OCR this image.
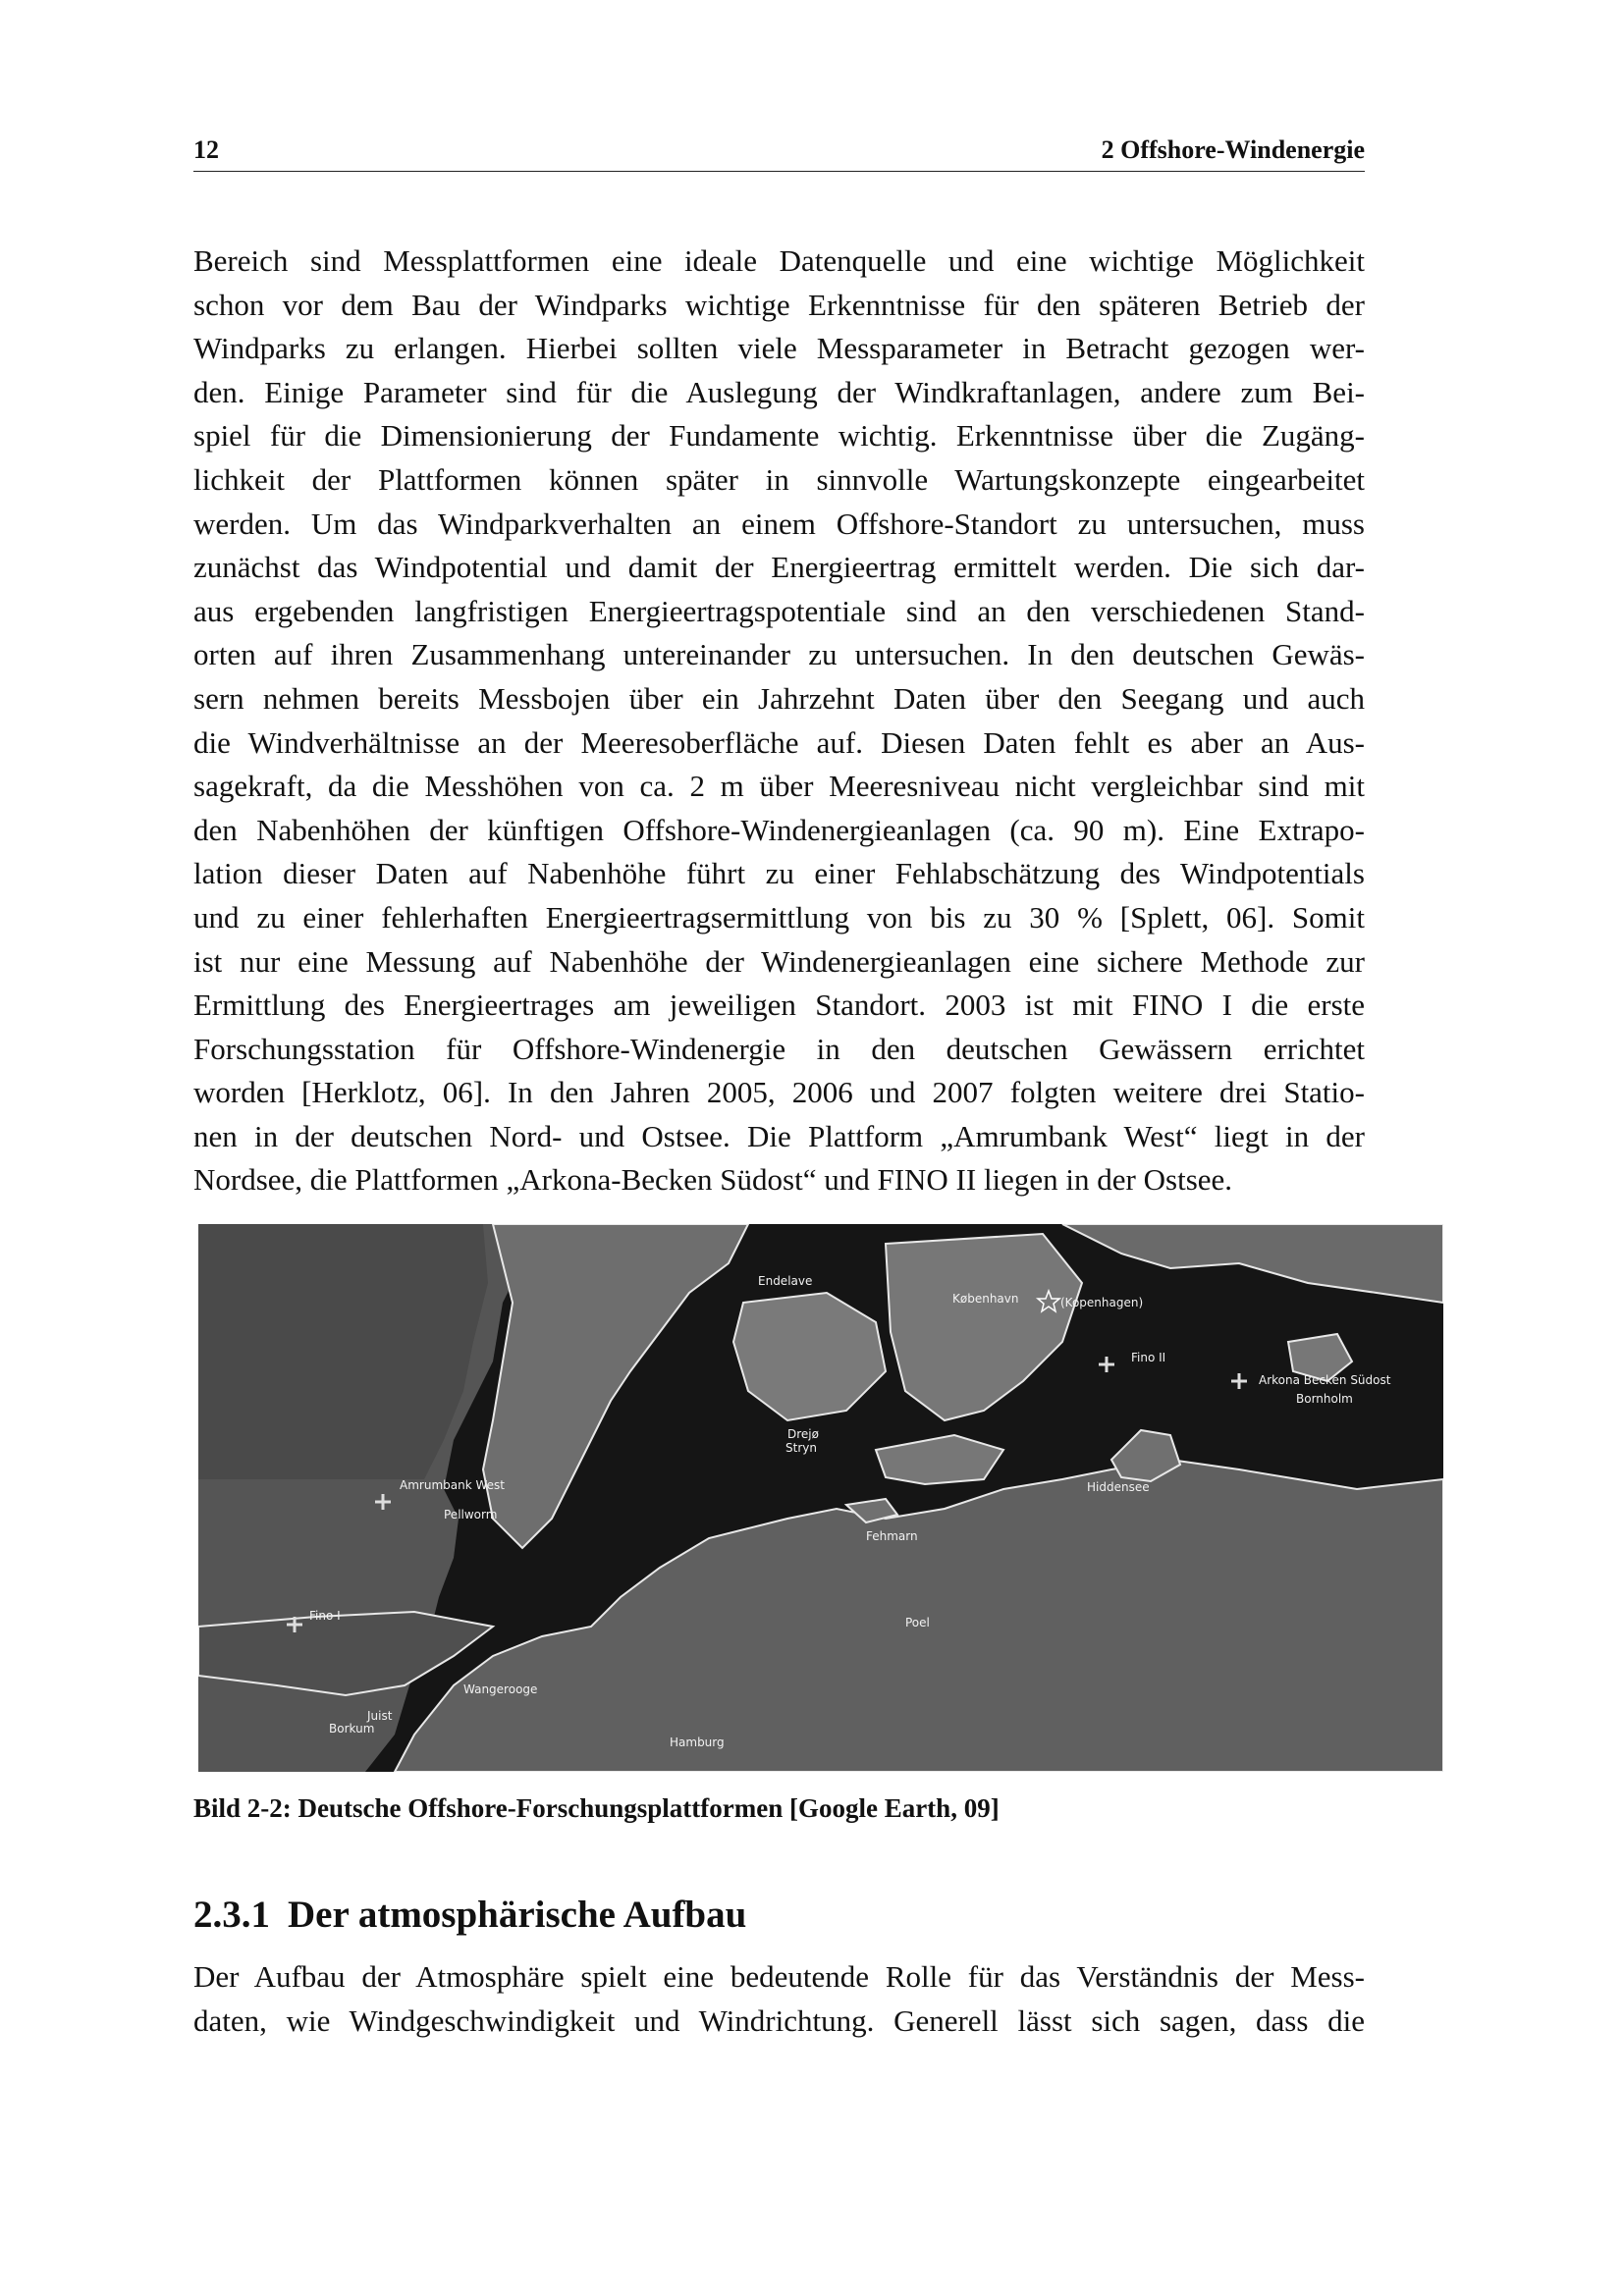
12	2 Offshore-Windenergie
Bereich sind Messplattformen eine ideale Datenquelle und eine wichtige Möglichkeit
schon vor dem Bau der Windparks wichtige Erkenntnisse für den späteren Betrieb der
Windparks zu erlangen. Hierbei sollten viele Messparameter in Betracht gezogen wer-
den. Einige Parameter sind für die Auslegung der Windkraftanlagen, andere zum Bei-
spiel für die Dimensionierung der Fundamente wichtig. Erkenntnisse über die Zugäng-
lichkeit der Plattformen können später in sinnvolle Wartungskonzepte eingearbeitet
werden. Um das Windparkverhalten an einem Offshore-Standort zu untersuchen, muss
zunächst das Windpotential und damit der Energieertrag ermittelt werden. Die sich dar-
aus ergebenden langfristigen Energieertragspotentiale sind an den verschiedenen Stand-
orten auf ihren Zusammenhang untereinander zu untersuchen. In den deutschen Gewäs-
sern nehmen bereits Messbojen über ein Jahrzehnt Daten über den Seegang und auch
die Windverhältnisse an der Meeresoberfläche auf. Diesen Daten fehlt es aber an Aus-
sagekraft, da die Messhöhen von ca. 2 m über Meeresniveau nicht vergleichbar sind mit
den Nabenhöhen der künftigen Offshore-Windenergieanlagen (ca. 90 m). Eine Extrapo-
lation dieser Daten auf Nabenhöhe führt zu einer Fehlabschätzung des Windpotentials
und zu einer fehlerhaften Energieertragsermittlung von bis zu 30 % [Splett, 06]. Somit
ist nur eine Messung auf Nabenhöhe der Windenergieanlagen eine sichere Methode zur
Ermittlung des Energieertrages am jeweiligen Standort. 2003 ist mit FINO I die erste
Forschungsstation für Offshore-Windenergie in den deutschen Gewässern errichtet
worden [Herklotz, 06]. In den Jahren 2005, 2006 und 2007 folgten weitere drei Statio-
nen in der deutschen Nord- und Ostsee. Die Plattform „Amrumbank West“ liegt in der
Nordsee, die Plattformen „Arkona-Becken Südost“ und FINO II liegen in der Ostsee.
Endelave
København	(Kopenhagen)
Bornholm
Fino II
Arkona Becken Südost
Amrumbank West
Pellworm
Fehmarn
Hiddensee
Fino I	Poel
Wangerooge
Borkum
Juist
Hamburg
Stryn
Drejø
Bild 2-2: Deutsche Offshore-Forschungsplattformen [Google Earth, 09]
2.3.1 Der atmosphärische Aufbau
Der Aufbau der Atmosphäre spielt eine bedeutende Rolle für das Verständnis der Mess-
daten, wie Windgeschwindigkeit und Windrichtung. Generell lässt sich sagen, dass die
